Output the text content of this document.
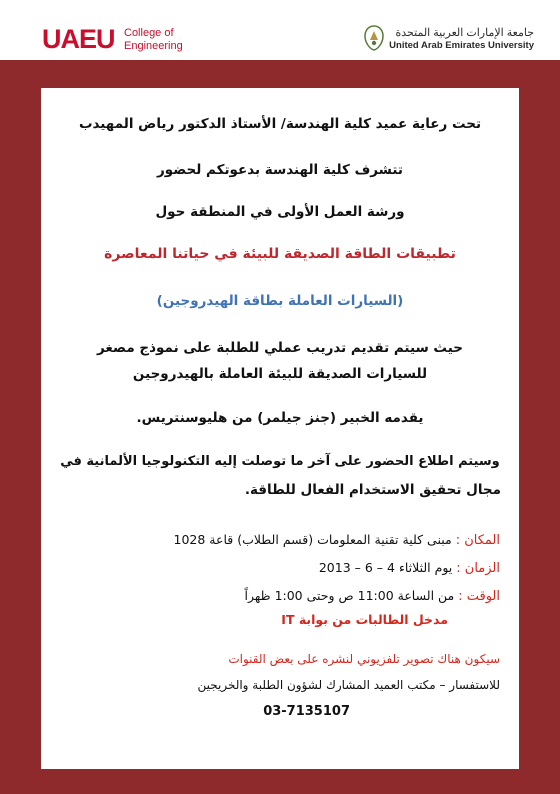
UAEU College of
Engineering
جامعة الإمارات العربية المتحدة
United Arab Emirates University
تحت رعاية عميد كلية الهندسة/ الأستاذ الدكتور رياض المهيدب
تتشرف كلية الهندسة بدعوتكم لحضور
ورشة العمل الأولى في المنطقة حول
تطبيقات الطاقة الصديقة للبيئة في حياتنا المعاصرة
(السيارات العاملة بطاقة الهيدروجين)
حيث سيتم تقديم تدريب عملي للطلبة على نموذج مصغر
للسيارات الصديقة للبيئة العاملة بالهيدروجين
يقدمه الخبير (جنز جيلمر) من هليوسنتريس.
وسيتم اطلاع الحضور على آخر ما توصلت إليه التكنولوجيا الألمانية في
مجال تحقيق الاستخدام الفعال للطاقة.
المكان : مبنى كلية تقنية المعلومات (قسم الطلاب) قاعة 1028
الزمان : يوم الثلاثاء 4 – 6 – 2013
الوقت : من الساعة 11:00 ص وحتى 1:00 ظهراً
مدخل الطالبات من بوابة IT
سيكون هناك تصوير تلفزيوني لنشره على بعض القنوات
للاستفسار – مكتب العميد المشارك لشؤون الطلبة والخريجين
03-7135107
